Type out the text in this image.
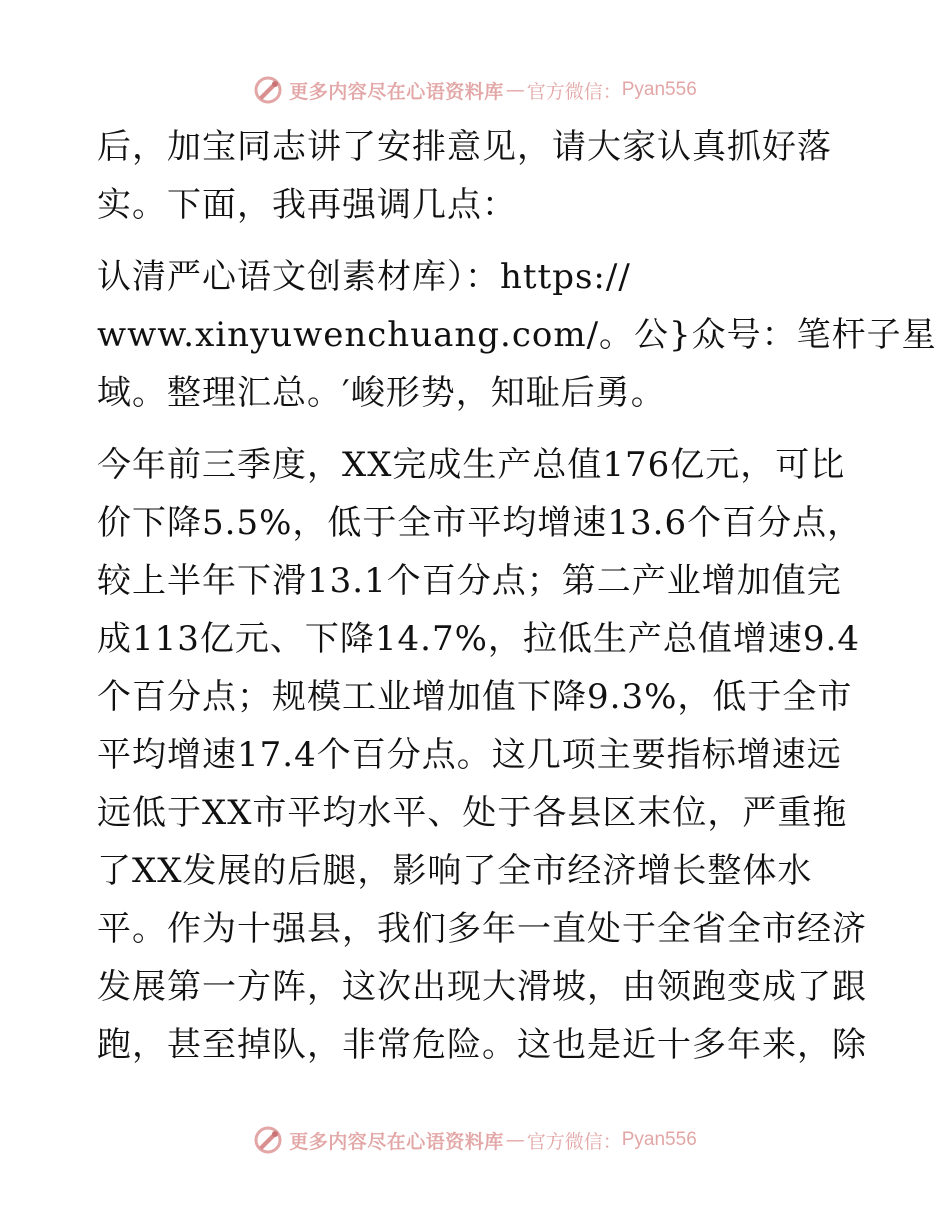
更多内容尽在心语资料库 — 官方微信： Pyan556
后，加宝同志讲了安排意见，请大家认真抓好落
实。下面，我再强调几点：
认清严心语文创素材库）：https://
www.xinyuwenchuang.com/。公}众号：笔杆子星
域。整理汇总。′峻形势，知耻后勇。
今年前三季度，XX完成生产总值176亿元，可比
价下降5.5%，低于全市平均增速13.6个百分点，
较上半年下滑13.1个百分点；第二产业增加值完
成113亿元、下降14.7%，拉低生产总值增速9.4
个百分点；规模工业增加值下降9.3%，低于全市
平均增速17.4个百分点。这几项主要指标增速远
远低于XX市平均水平、处于各县区末位，严重拖
了XX发展的后腿，影响了全市经济增长整体水
平。作为十强县，我们多年一直处于全省全市经济
发展第一方阵，这次出现大滑坡，由领跑变成了跟
跑，甚至掉队，非常危险。这也是近十多年来，除
更多内容尽在心语资料库 — 官方微信： Pyan556
